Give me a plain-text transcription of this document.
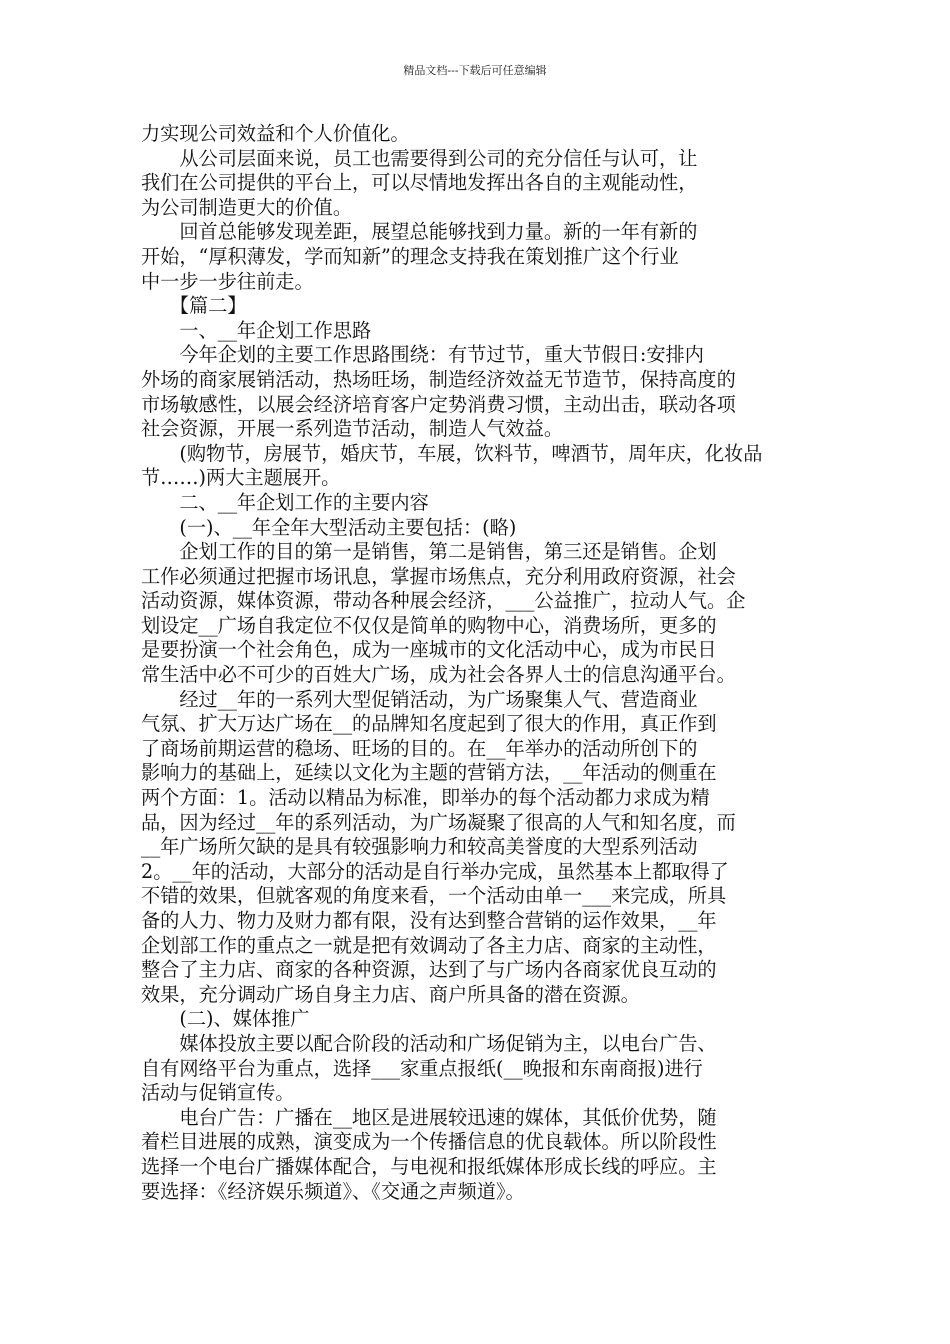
精品文档---下载后可任意编辑
力实现公司效益和个人价值化。
　　从公司层面来说，员工也需要得到公司的充分信任与认可，让
我们在公司提供的平台上，可以尽情地发挥出各自的主观能动性，
为公司制造更大的价值。
　　回首总能够发现差距，展望总能够找到力量。新的一年有新的
开始，“厚积薄发，学而知新”的理念支持我在策划推广这个行业
中一步一步往前走。
　　【篇二】
　　一、__年企划工作思路
　　今年企划的主要工作思路围绕：有节过节，重大节假日:安排内
外场的商家展销活动，热场旺场，制造经济效益无节造节，保持高度的
市场敏感性，以展会经济培育客户定势消费习惯，主动出击，联动各项
社会资源，开展一系列造节活动，制造人气效益。
　　(购物节，房展节，婚庆节，车展，饮料节，啤酒节，周年庆，化妆品
节……)两大主题展开。
　　二、__年企划工作的主要内容
　　(一)、__年全年大型活动主要包括：(略)
　　企划工作的目的第一是销售，第二是销售，第三还是销售。企划
工作必须通过把握市场讯息，掌握市场焦点，充分利用政府资源，社会
活动资源，媒体资源，带动各种展会经济，___公益推广，拉动人气。企
划设定__广场自我定位不仅仅是简单的购物中心，消费场所，更多的
是要扮演一个社会角色，成为一座城市的文化活动中心，成为市民日
常生活中必不可少的百姓大广场，成为社会各界人士的信息沟通平台。
　　经过__年的一系列大型促销活动，为广场聚集人气、营造商业
气氛、扩大万达广场在__的品牌知名度起到了很大的作用，真正作到
了商场前期运营的稳场、旺场的目的。在__年举办的活动所创下的
影响力的基础上，延续以文化为主题的营销方法，__年活动的侧重在
两个方面：1。活动以精品为标准，即举办的每个活动都力求成为精
品，因为经过__年的系列活动，为广场凝聚了很高的人气和知名度，而
__年广场所欠缺的是具有较强影响力和较高美誉度的大型系列活动
2。__年的活动，大部分的活动是自行举办完成，虽然基本上都取得了
不错的效果，但就客观的角度来看，一个活动由单一___来完成，所具
备的人力、物力及财力都有限，没有达到整合营销的运作效果，__年
企划部工作的重点之一就是把有效调动了各主力店、商家的主动性，
整合了主力店、商家的各种资源，达到了与广场内各商家优良互动的
效果，充分调动广场自身主力店、商户所具备的潜在资源。
　　(二)、媒体推广
　　媒体投放主要以配合阶段的活动和广场促销为主，以电台广告、
自有网络平台为重点，选择___家重点报纸(__晚报和东南商报)进行
活动与促销宣传。
　　电台广告：广播在__地区是进展较迅速的媒体，其低价优势，随
着栏目进展的成熟，演变成为一个传播信息的优良载体。所以阶段性
选择一个电台广播媒体配合，与电视和报纸媒体形成长线的呼应。主
要选择：《经济娱乐频道》、《交通之声频道》。
